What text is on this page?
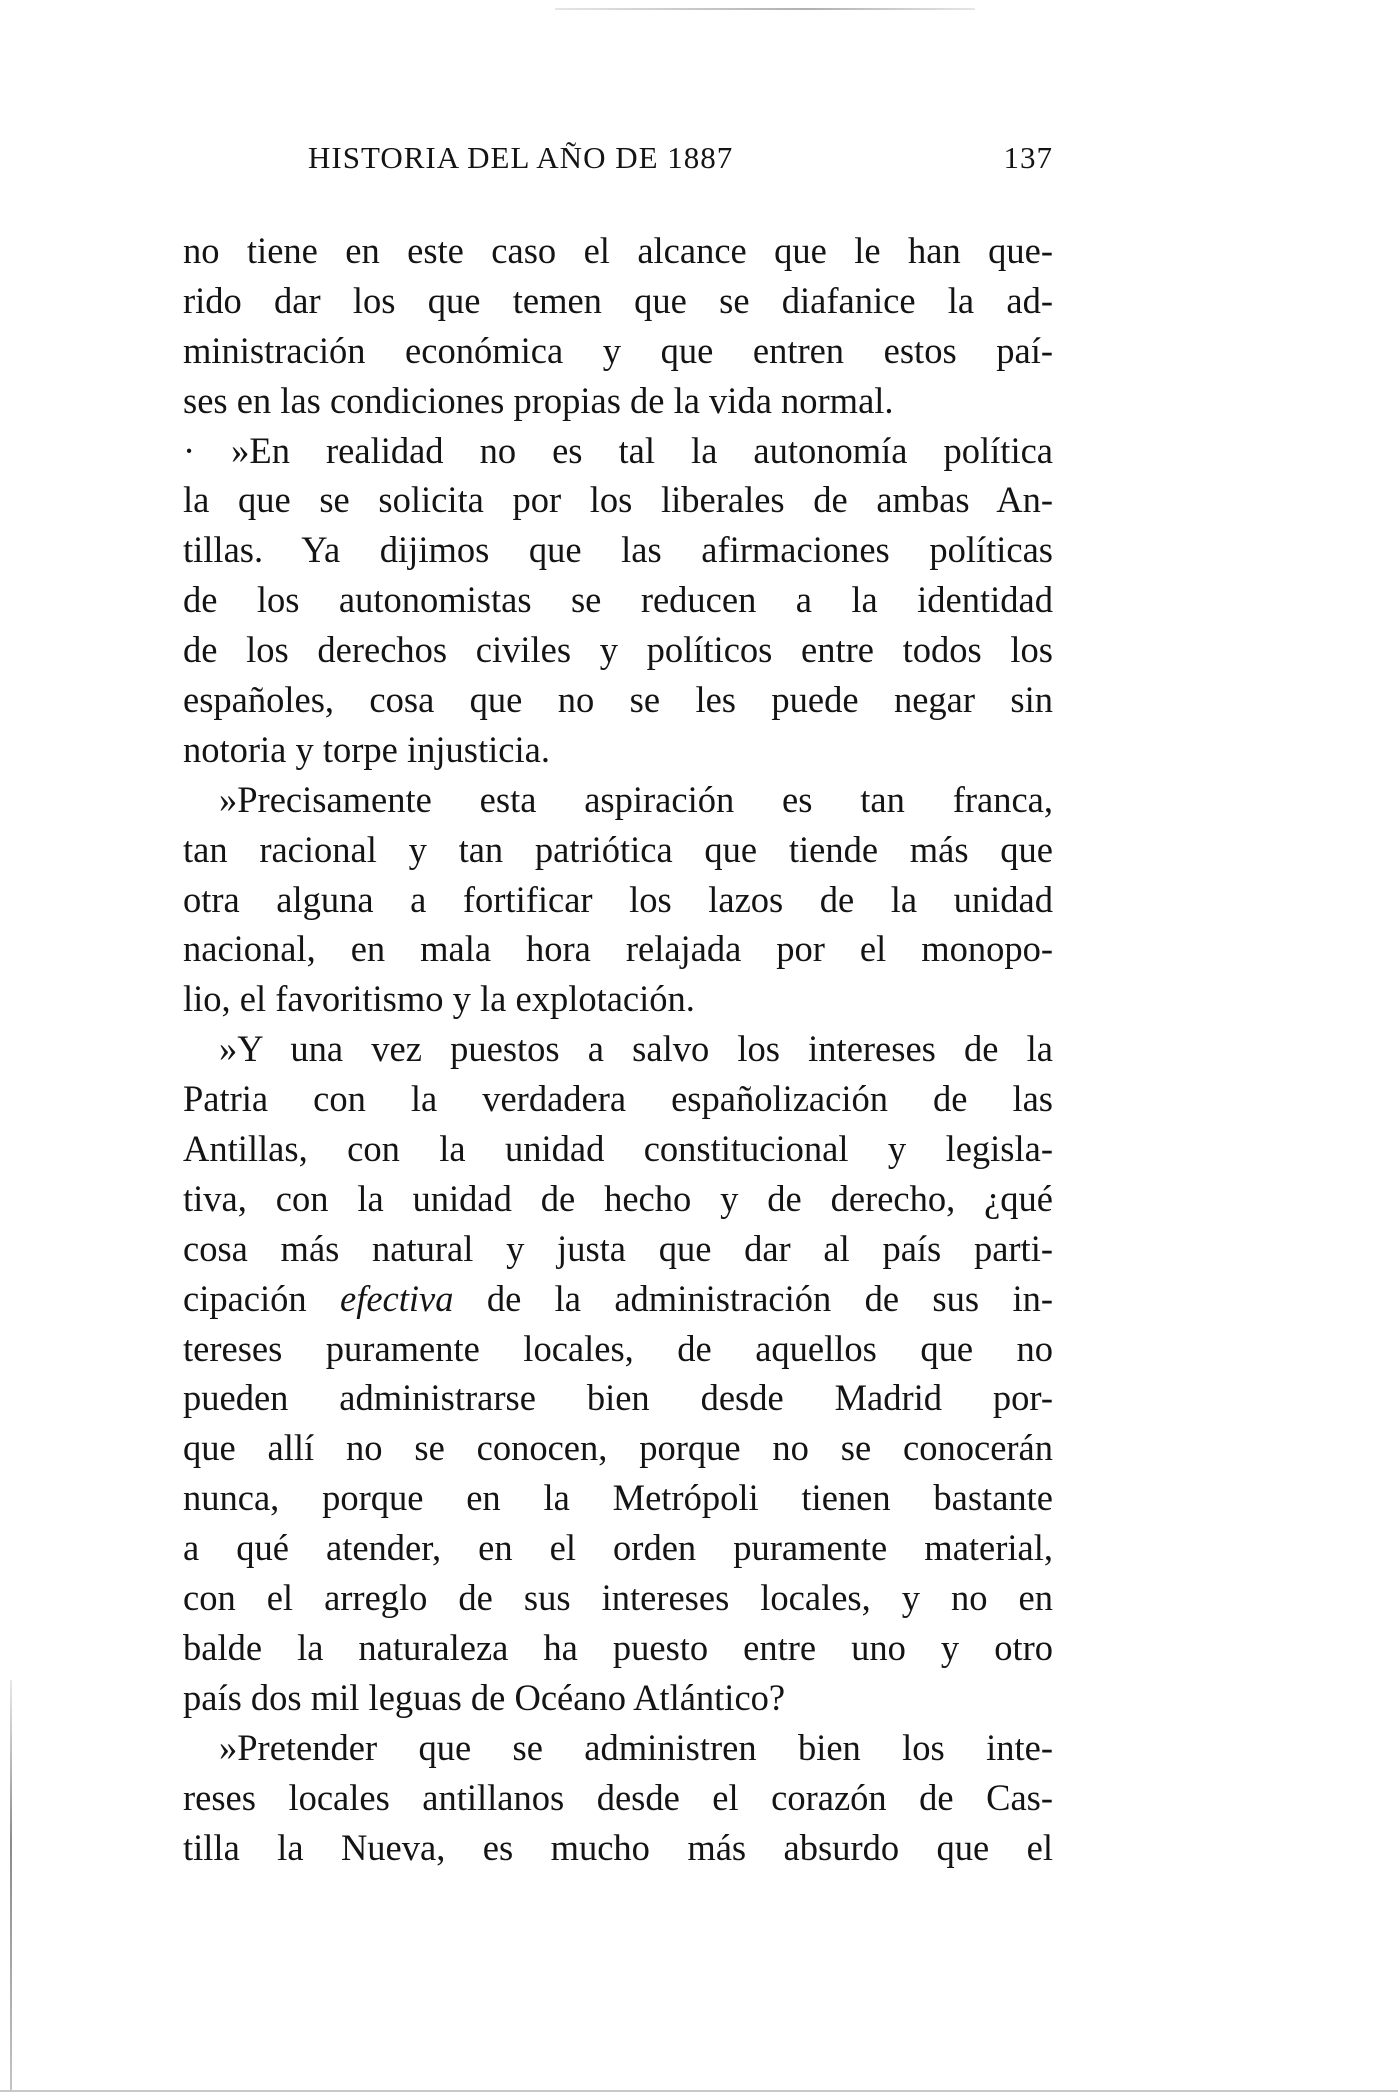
HISTORIA DEL AÑO DE 1887	137
no tiene en este caso el alcance que le han que-
rido dar los que temen que se diafanice la ad-
ministración económica y que entren estos paí-
ses en las condiciones propias de la vida normal.
· »En realidad no es tal la autonomía política
la que se solicita por los liberales de ambas An-
tillas. Ya dijimos que las afirmaciones políticas
de los autonomistas se reducen a la identidad
de los derechos civiles y políticos entre todos los
españoles, cosa que no se les puede negar sin
notoria y torpe injusticia.
»Precisamente esta aspiración es tan franca,
tan racional y tan patriótica que tiende más que
otra alguna a fortificar los lazos de la unidad
nacional, en mala hora relajada por el monopo-
lio, el favoritismo y la explotación.
»Y una vez puestos a salvo los intereses de la
Patria con la verdadera españolización de las
Antillas, con la unidad constitucional y legisla-
tiva, con la unidad de hecho y de derecho, ¿qué
cosa más natural y justa que dar al país parti-
cipación efectiva de la administración de sus in-
tereses puramente locales, de aquellos que no
pueden administrarse bien desde Madrid por-
que allí no se conocen, porque no se conocerán
nunca, porque en la Metrópoli tienen bastante
a qué atender, en el orden puramente material,
con el arreglo de sus intereses locales, y no en
balde la naturaleza ha puesto entre uno y otro
país dos mil leguas de Océano Atlántico?
»Pretender que se administren bien los inte-
reses locales antillanos desde el corazón de Cas-
tilla la Nueva, es mucho más absurdo que el
